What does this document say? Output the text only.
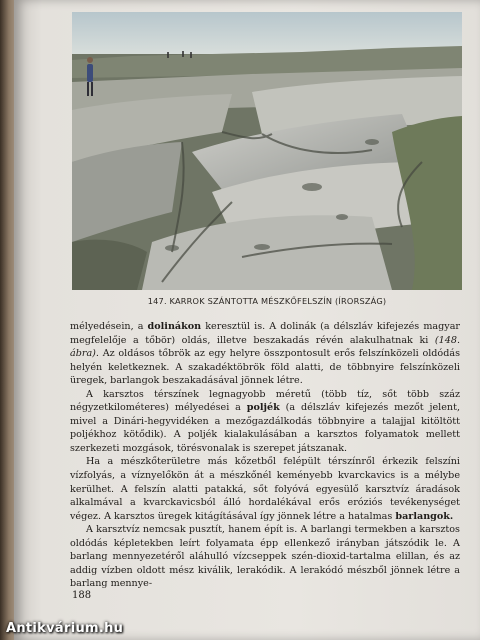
147. KARROK SZÁNTOTTA MÉSZKŐFELSZÍN (ÍRORSZÁG)

mélyedésein, a dolinákon keresztül is. A dolinák (a délszláv kifejezés magyar megfelelője a tőbör) oldás, illetve beszakadás révén alakulhatnak ki (148. ábra). Az oldásos tőbrök az egy helyre összpontosult erős felszínközeli oldódás helyén keletkeznek. A szakadéktöbrök föld alatti, de többnyire felszínközeli üregek, barlangok beszakadásával jönnek létre.

A karsztos térszínek legnagyobb méretű (több tíz, sőt több száz négyzetkilométeres) mélyedései a poljék (a délszláv kifejezés mezőt jelent, mivel a Dinári-hegyvidéken a mezőgazdálkodás többnyire a talajjal kitöltött poljékhoz kötődik). A poljék kialakulásában a karsztos folyamatok mellett szerkezeti mozgások, törésvonalak is szerepet játszanak.

Ha a mészkőterületre más kőzetből felépült térszínről érkezik felszíni vízfolyás, a víznyelőkön át a mészkőnél keményebb kvarckavics is a mélybe kerülhet. A felszín alatti patakká, sőt folyóvá egyesülő karsztvíz áradások alkalmával a kvarckavicsból álló hordalékával erős eróziós tevékenységet végez. A karsztos üregek kitágításával így jönnek létre a hatalmas barlangok.

A karsztvíz nemcsak pusztít, hanem épít is. A barlangi termekben a karsztos oldódás képletekben leírt folyamata épp ellenkező irányban játszódik le. A barlang mennyezetéről aláhulló vízcseppek szén-dioxid-tartalma elillan, és az addig vízben oldott mész kiválik, lerakódik. A lerakódó mészből jönnek létre a barlang mennye-

188
Antikvárium.hu
